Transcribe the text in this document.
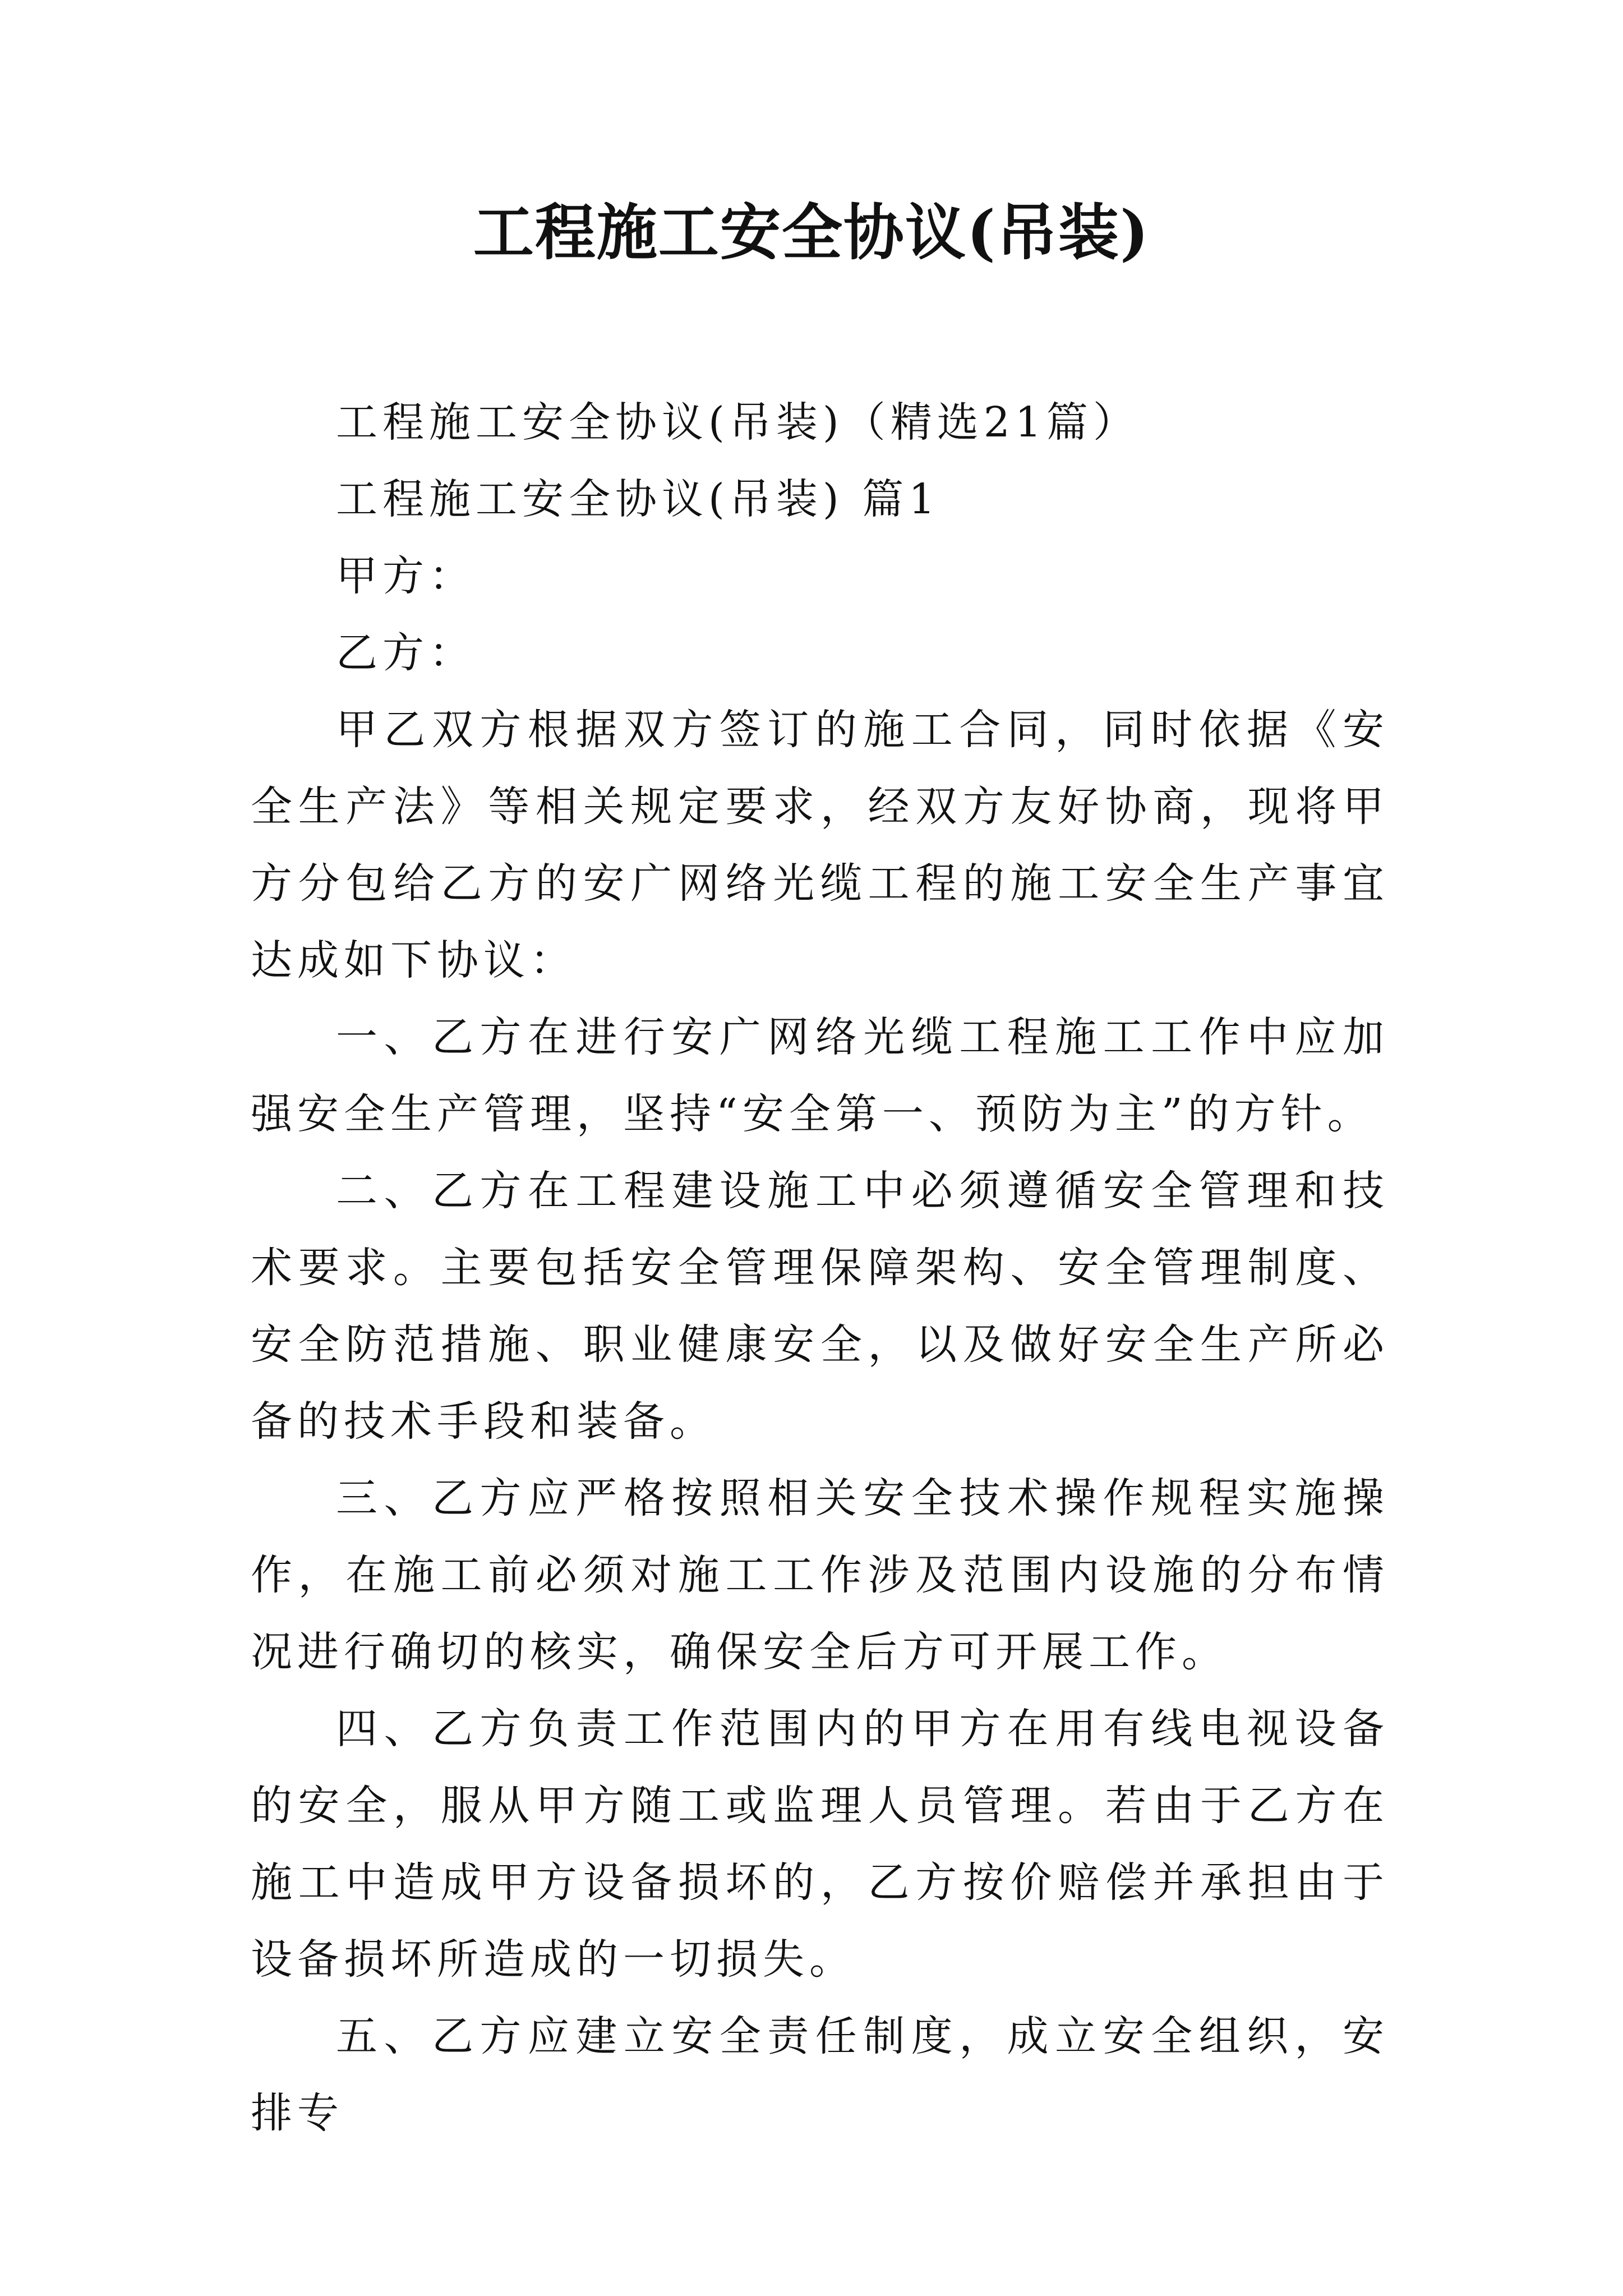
工程施工安全协议(吊装)

工程施工安全协议(吊装)（精选21篇）

工程施工安全协议(吊装) 篇1

甲方：

乙方：

甲乙双方根据双方签订的施工合同，同时依据《安全生产法》等相关规定要求，经双方友好协商，现将甲方分包给乙方的安广网络光缆工程的施工安全生产事宜达成如下协议：

一、乙方在进行安广网络光缆工程施工工作中应加强安全生产管理，坚持“安全第一、预防为主”的方针。

二、乙方在工程建设施工中必须遵循安全管理和技术要求。主要包括安全管理保障架构、安全管理制度、安全防范措施、职业健康安全，以及做好安全生产所必备的技术手段和装备。

三、乙方应严格按照相关安全技术操作规程实施操作，在施工前必须对施工工作涉及范围内设施的分布情况进行确切的核实，确保安全后方可开展工作。

四、乙方负责工作范围内的甲方在用有线电视设备的安全，服从甲方随工或监理人员管理。若由于乙方在施工中造成甲方设备损坏的，乙方按价赔偿并承担由于设备损坏所造成的一切损失。

五、乙方应建立安全责任制度，成立安全组织，安排专
